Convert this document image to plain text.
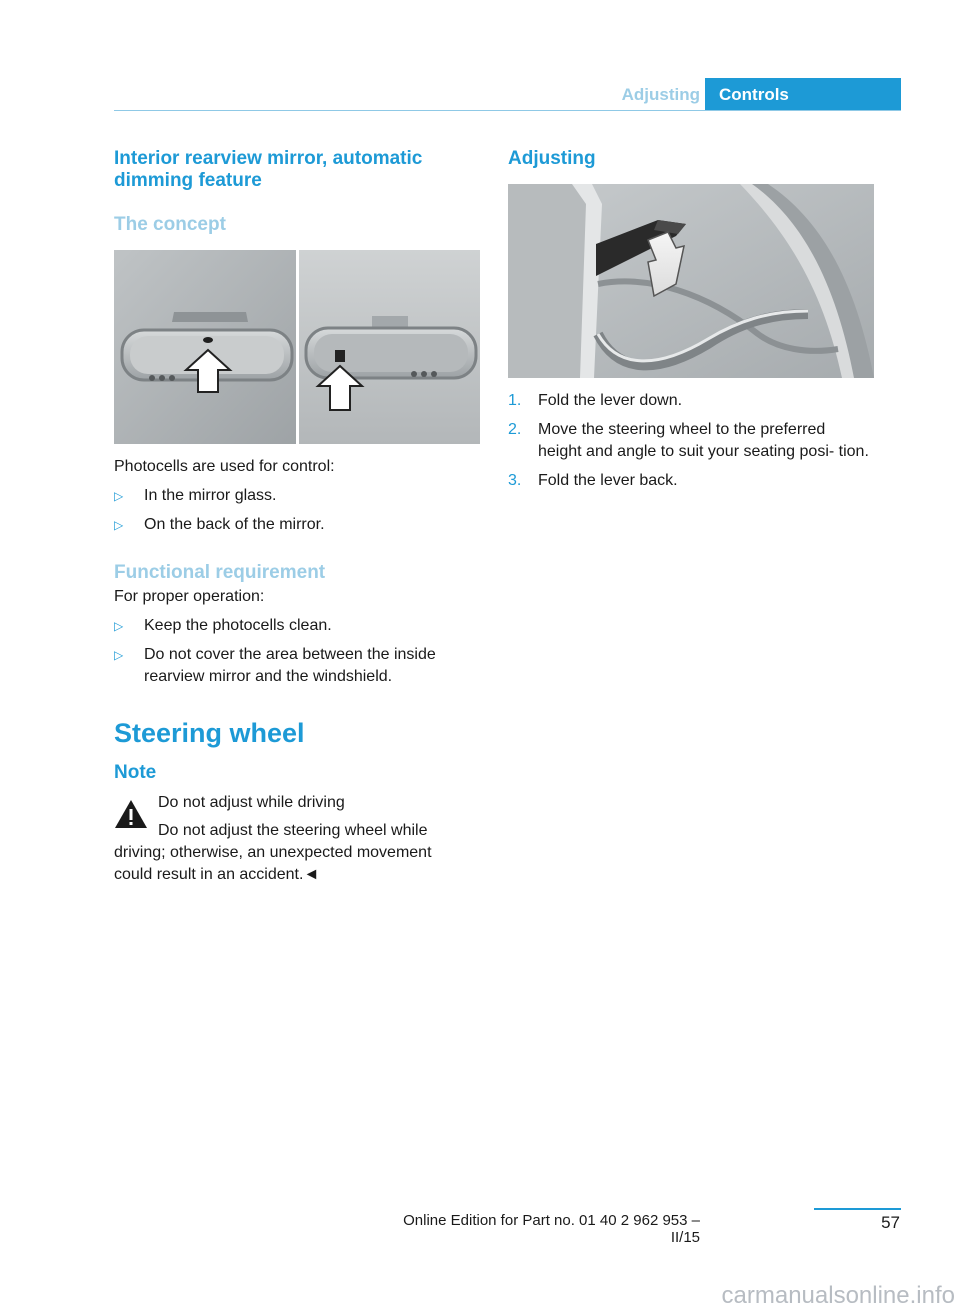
Adjusting	Controls
Interior rearview mirror, automatic dimming feature
The concept

Photocells are used for control:

▷ In the mirror glass.
▷ On the back of the mirror.
Functional requirement

For proper operation:

▷ Keep the photocells clean.
▷ Do not cover the area between the inside rearview mirror and the windshield.
Steering wheel
Note

Do not adjust while driving

Do not adjust the steering wheel while

driving; otherwise, an unexpected movement

could result in an accident.◄

Adjusting
1. Fold the lever down.
2. Move the steering wheel to the preferred height and angle to suit your seating posi‐ tion.
3. Fold the lever back.
Online Edition for Part no. 01 40 2 962 953 – II/15
57
carmanualsonline.info
